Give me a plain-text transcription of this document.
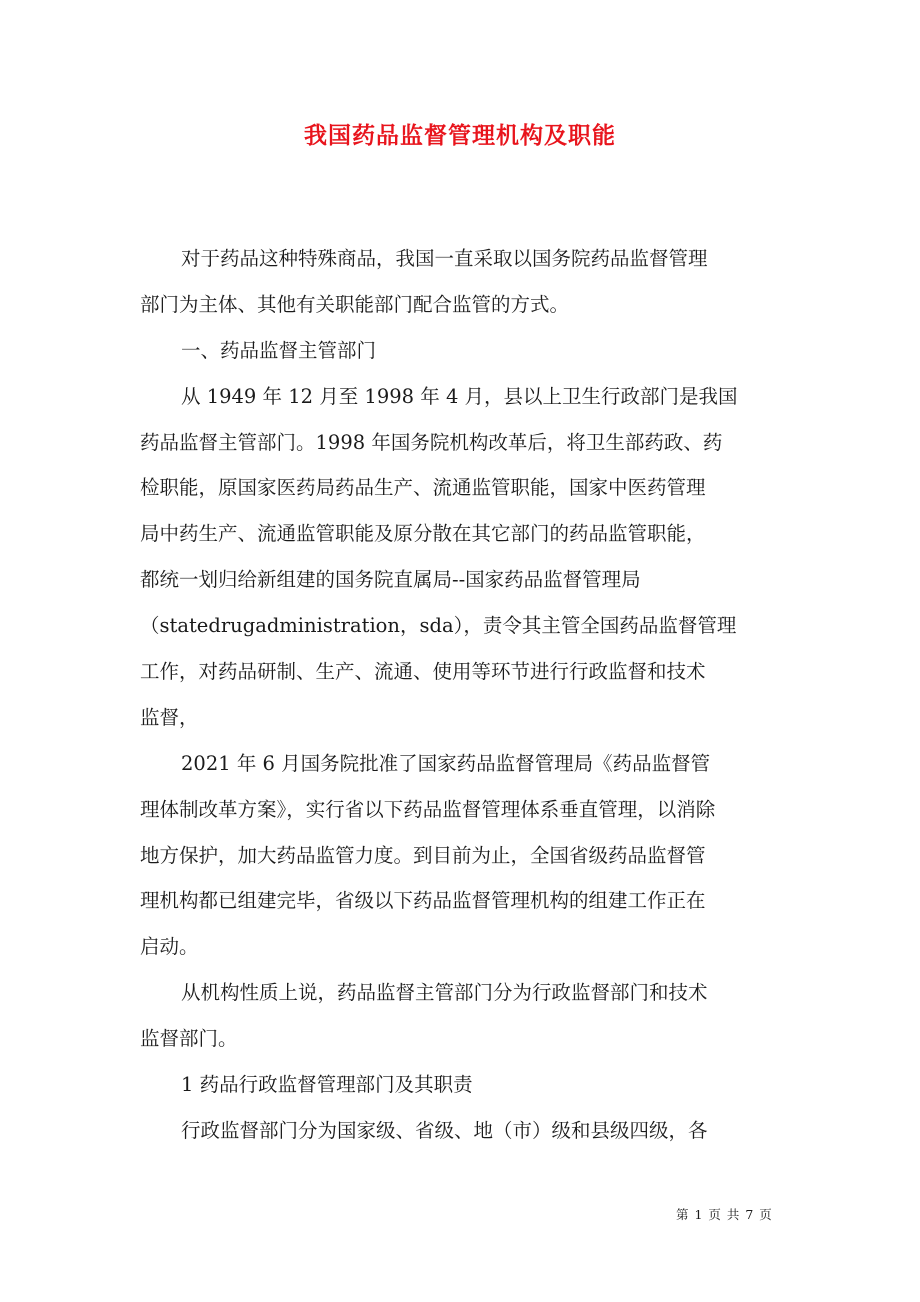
我国药品监督管理机构及职能
对于药品这种特殊商品，我国一直采取以国务院药品监督管理
部门为主体、其他有关职能部门配合监管的方式。
一、药品监督主管部门
从 1949 年 12 月至 1998 年 4 月，县以上卫生行政部门是我国
药品监督主管部门。1998 年国务院机构改革后，将卫生部药政、药
检职能，原国家医药局药品生产、流通监管职能，国家中医药管理
局中药生产、流通监管职能及原分散在其它部门的药品监管职能，
都统一划归给新组建的国务院直属局--国家药品监督管理局
（statedrugadministration，sda），责令其主管全国药品监督管理
工作，对药品研制、生产、流通、使用等环节进行行政监督和技术
监督，
2021 年 6 月国务院批准了国家药品监督管理局《药品监督管
理体制改革方案》，实行省以下药品监督管理体系垂直管理，以消除
地方保护，加大药品监管力度。到目前为止，全国省级药品监督管
理机构都已组建完毕，省级以下药品监督管理机构的组建工作正在
启动。
从机构性质上说，药品监督主管部门分为行政监督部门和技术
监督部门。
1 药品行政监督管理部门及其职责
行政监督部门分为国家级、省级、地（市）级和县级四级，各
第 1 页 共 7 页
